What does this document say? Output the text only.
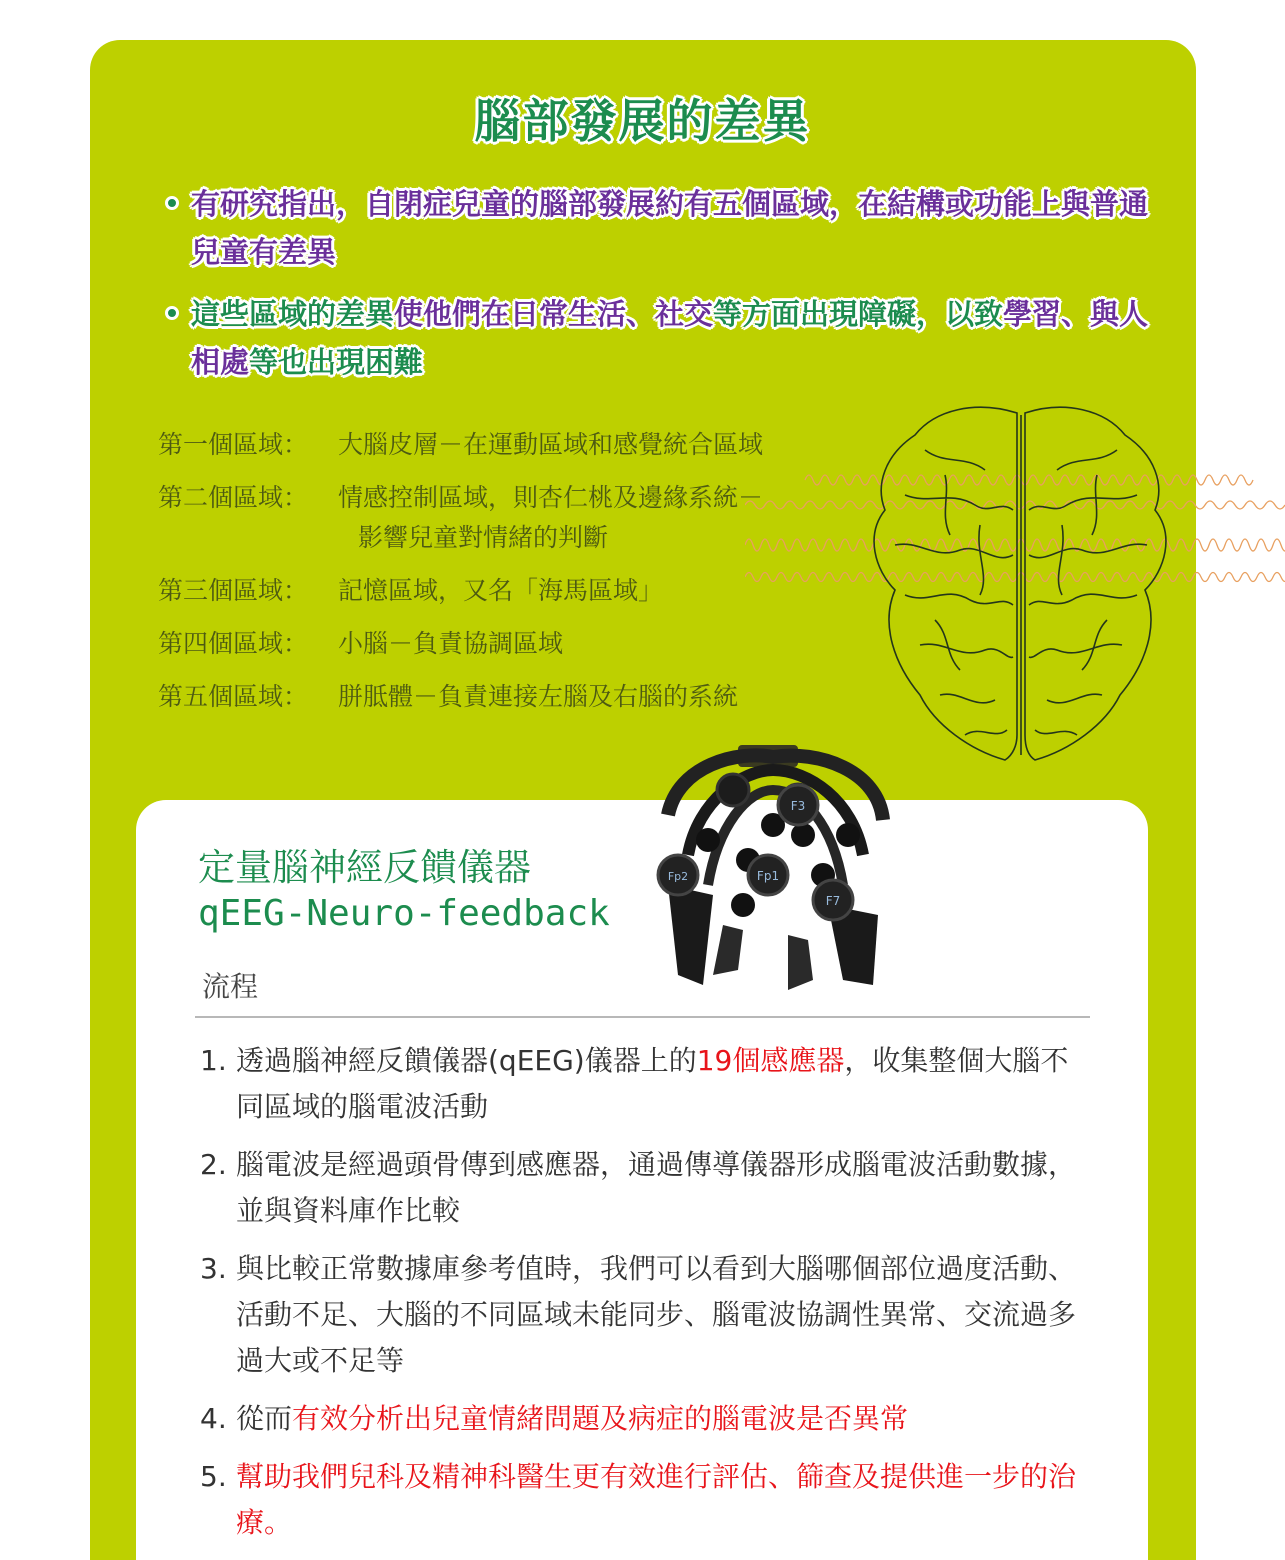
腦部發展的差異
有研究指出，自閉症兒童的腦部發展約有五個區域，在結構或功能上與普通兒童有差異
這些區域的差異使他們在日常生活、社交等方面出現障礙，以致學習、與人相處等也出現困難
第一個區域：	大腦皮層－在運動區域和感覺統合區域
第二個區域：	情感控制區域，則杏仁桃及邊緣系統－
影響兒童對情緒的判斷
第三個區域：	記憶區域，又名「海馬區域」
第四個區域：	小腦－負責協調區域
第五個區域：	胼胝體－負責連接左腦及右腦的系統
F3
Fp1
Fp2
F7
定量腦神經反饋儀器
qEEG-Neuro-feedback
流程
1. 透過腦神經反饋儀器(qEEG)儀器上的19個感應器，收集整個大腦不同區域的腦電波活動
2. 腦電波是經過頭骨傳到感應器，通過傳導儀器形成腦電波活動數據，並與資料庫作比較
3. 與比較正常數據庫參考值時，我們可以看到大腦哪個部位過度活動、活動不足、大腦的不同區域未能同步、腦電波協調性異常、交流過多過大或不足等
4. 從而有效分析出兒童情緒問題及病症的腦電波是否異常
5. 幫助我們兒科及精神科醫生更有效進行評估、篩查及提供進一步的治療。
